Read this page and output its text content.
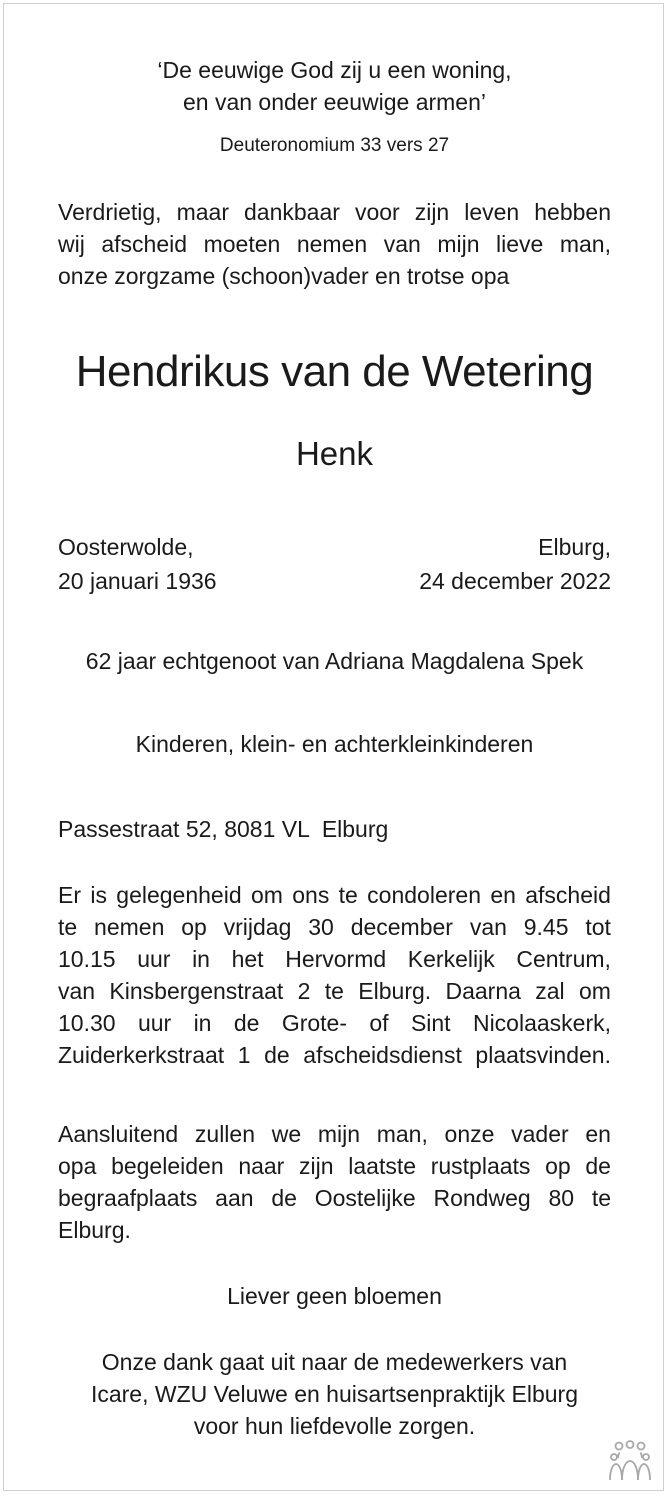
‘De eeuwige God zij u een woning,
en van onder eeuwige armen’
Deuteronomium 33 vers 27
Verdrietig, maar dankbaar voor zijn leven hebben
wij afscheid moeten nemen van mijn lieve man,
onze zorgzame (schoon)vader en trotse opa
Hendrikus van de Wetering
Henk
Oosterwolde,	Elburg,
20 januari 1936	24 december 2022
62 jaar echtgenoot van Adriana Magdalena Spek
Kinderen, klein- en achterkleinkinderen
Passestraat 52, 8081 VL  Elburg
Er is gelegenheid om ons te condoleren en afscheid
te nemen op vrijdag 30 december van 9.45 tot
10.15 uur in het Hervormd Kerkelijk Centrum,
van Kinsbergenstraat 2 te Elburg. Daarna zal om
10.30 uur in de Grote- of Sint Nicolaaskerk,
Zuiderkerkstraat 1 de afscheidsdienst plaatsvinden.
Aansluitend zullen we mijn man, onze vader en
opa begeleiden naar zijn laatste rustplaats op de
begraafplaats aan de Oostelijke Rondweg 80 te
Elburg.
Liever geen bloemen
Onze dank gaat uit naar de medewerkers van
Icare, WZU Veluwe en huisartsenpraktijk Elburg
voor hun liefdevolle zorgen.
